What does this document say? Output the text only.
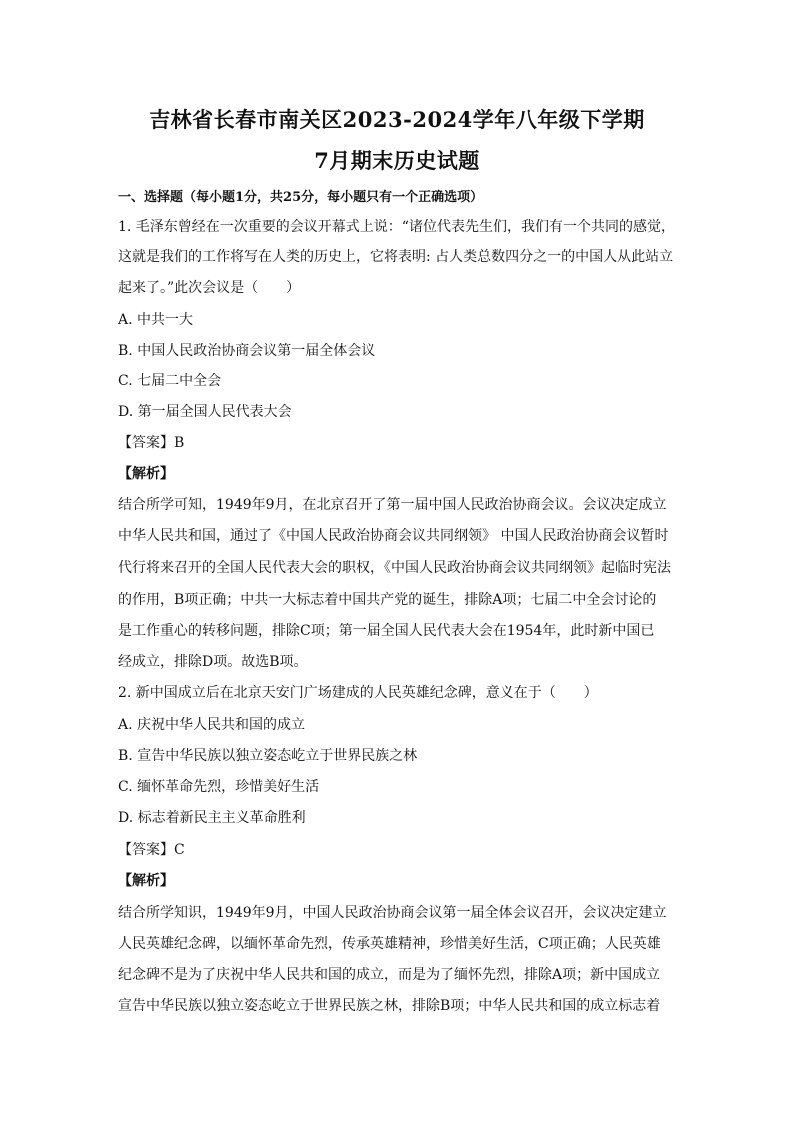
吉林省长春市南关区2023-2024学年八年级下学期
7月期末历史试题
一、选择题（每小题1分，共25分，每小题只有一个正确选项）
1. 毛泽东曾经在一次重要的会议开幕式上说：“诸位代表先生们，我们有一个共同的感觉，
这就是我们的工作将写在人类的历史上，它将表明: 占人类总数四分之一的中国人从此站立
起来了。”此次会议是（　　）
A. 中共一大
B. 中国人民政治协商会议第一届全体会议
C. 七届二中全会
D. 第一届全国人民代表大会
【答案】B
【解析】
结合所学可知，1949年9月，在北京召开了第一届中国人民政治协商会议。会议决定成立
中华人民共和国，通过了《中国人民政治协商会议共同纲领》 中国人民政治协商会议暂时
代行将来召开的全国人民代表大会的职权，《中国人民政治协商会议共同纲领》起临时宪法
的作用，B项正确；中共一大标志着中国共产党的诞生，排除A项；七届二中全会讨论的
是工作重心的转移问题，排除C项；第一届全国人民代表大会在1954年，此时新中国已
经成立，排除D项。故选B项。
2. 新中国成立后在北京天安门广场建成的人民英雄纪念碑，意义在于（　　）
A. 庆祝中华人民共和国的成立
B. 宣告中华民族以独立姿态屹立于世界民族之林
C. 缅怀革命先烈，珍惜美好生活
D. 标志着新民主主义革命胜利
【答案】C
【解析】
结合所学知识，1949年9月，中国人民政治协商会议第一届全体会议召开，会议决定建立
人民英雄纪念碑，以缅怀革命先烈，传承英雄精神，珍惜美好生活，C项正确；人民英雄
纪念碑不是为了庆祝中华人民共和国的成立，而是为了缅怀先烈，排除A项；新中国成立
宣告中华民族以独立姿态屹立于世界民族之林，排除B项；中华人民共和国的成立标志着
